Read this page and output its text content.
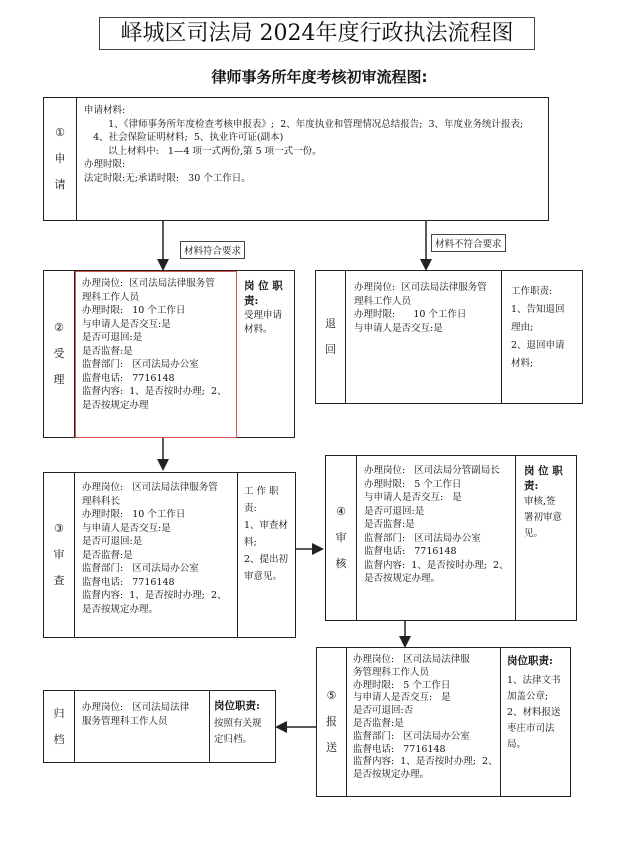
峄城区司法局 2024年度行政执法流程图
律师事务所年度考核初审流程图:
材料符合要求
材料不符合要求
①
申
请
申请材料:
1、《律师事务所年度检查考核申报表》;  2、年度执业和管理情况总结报告;  3、年度业务统计报表;
4、社会保险证明材料;  5、执业许可证(副本)
以上材料中:   1—4 项一式两份,第 5 项一式一份。
办理时限:
法定时限:无;承诺时限:   30 个工作日。
②
受
理
办理岗位:  区司法局法律服务管
理科工作人员
办理时限:   10 个工作日
与申请人是否交互:是
是否可退回:是
是否监督:是
监督部门:   区司法局办公室
监督电话:   7716148
监督内容:  1、是否按时办理;  2、
是否按规定办理
岗 位 职
责:
受理申请
材料。	退
回
办理岗位:  区司法局法律服务管
理科工作人员
办理时限:      10 个工作日
与申请人是否交互:是
工作职责:
1、告知退回
理由;
2、退回申请
材料;
③
审
查
办理岗位:   区司法局法律服务管
理科科长
办理时限:   10 个工作日
与申请人是否交互:是
是否可退回:是
是否监督:是
监督部门:   区司法局办公室
监督电话:   7716148
监督内容:  1、是否按时办理;  2、
是否按规定办理。
工 作 职
责:
1、审查材
料;
2、提出初
审意见。
④
审
核
办理岗位:   区司法局分管副局长
办理时限:   5 个工作日
与申请人是否交互:   是
是否可退回:是
是否监督:是
监督部门:   区司法局办公室
监督电话:   7716148
监督内容:  1、是否按时办理;  2、
是否按规定办理。
岗 位 职
责:
审核,签
署初审意
见。
⑤
报
送
办理岗位:   区司法局法律服
务管理科工作人员
办理时限:   5 个工作日
与申请人是否交互:   是
是否可退回:否
是否监督:是
监督部门:   区司法局办公室
监督电话:   7716148
监督内容:  1、是否按时办理;  2、
是否按规定办理。
岗位职责:
1、法律文书
加盖公章;
2、材料报送
枣庄市司法
局。
归
档
办理岗位:   区司法局法律
服务管理科工作人员
岗位职责:
按照有关规
定归档。
